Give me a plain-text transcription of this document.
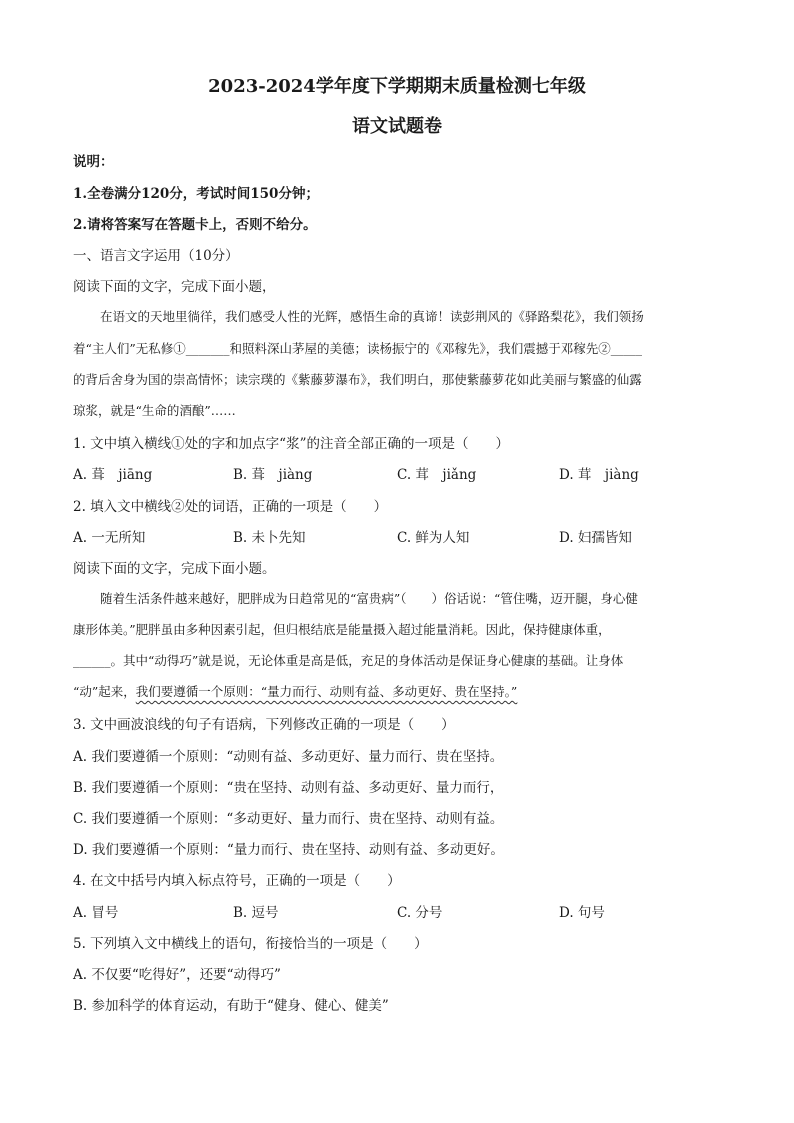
2023-2024学年度下学期期末质量检测七年级
语文试题卷
说明：
1.全卷满分120分，考试时间150分钟；
2.请将答案写在答题卡上，否则不给分。
一、语言文字运用（10分）
阅读下面的文字，完成下面小题，
在语文的天地里徜徉，我们感受人性的光辉，感悟生命的真谛！读彭荆风的《驿路梨花》，我们领扬
着“主人们”无私修①_______和照料深山茅屋的美德；读杨振宁的《邓稼先》，我们震撼于邓稼先②_____
的背后舍身为国的崇高情怀；读宗璞的《紫藤萝瀑布》，我们明白，那使紫藤萝花如此美丽与繁盛的仙露
琼浆，就是“生命的酒酿”……
1. 文中填入横线①处的字和加点字“浆”的注音全部正确的一项是（　　）
A. 葺　jiāng	B. 葺　jiàng	C. 茸　jiǎng	D. 茸　jiàng
2. 填入文中横线②处的词语，正确的一项是（　　）
A. 一无所知	B. 未卜先知	C. 鲜为人知	D. 妇孺皆知
阅读下面的文字，完成下面小题。
随着生活条件越来越好，肥胖成为日趋常见的“富贵病”（　　）俗话说：“管住嘴，迈开腿，身心健
康形体美。”肥胖虽由多种因素引起，但归根结底是能量摄入超过能量消耗。因此，保持健康体重，
______。其中“动得巧”就是说，无论体重是高是低，充足的身体活动是保证身心健康的基础。让身体
“动”起来，我们要遵循一个原则：“量力而行、动则有益、多动更好、贵在坚持。”
3. 文中画波浪线的句子有语病，下列修改正确的一项是（　　）
A. 我们要遵循一个原则：“动则有益、多动更好、量力而行、贵在坚持。
B. 我们要遵循一个原则：“贵在坚持、动则有益、多动更好、量力而行，
C. 我们要遵循一个原则：“多动更好、量力而行、贵在坚持、动则有益。
D. 我们要遵循一个原则：“量力而行、贵在坚持、动则有益、多动更好。
4. 在文中括号内填入标点符号，正确的一项是（　　）
A. 冒号	B. 逗号	C. 分号	D. 句号
5. 下列填入文中横线上的语句，衔接恰当的一项是（　　）
A. 不仅要“吃得好”，还要“动得巧”
B. 参加科学的体育运动，有助于“健身、健心、健美”
